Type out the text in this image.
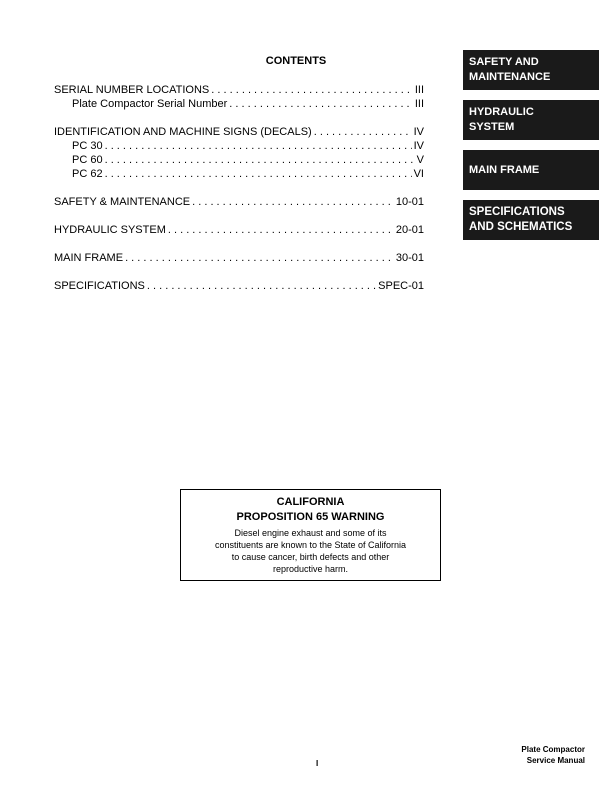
CONTENTS
SERIAL NUMBER LOCATIONS . . .	III
Plate Compactor Serial Number . . .	III
IDENTIFICATION AND MACHINE SIGNS (DECALS) . . .	IV
PC 30 . . .	IV
PC 60 . . .	V
PC 62 . . .	VI
SAFETY & MAINTENANCE . . .	10-01
HYDRAULIC SYSTEM . . .	20-01
MAIN FRAME . . .	30-01
SPECIFICATIONS . . .	SPEC-01
SAFETY AND
MAINTENANCE
HYDRAULIC
SYSTEM
MAIN FRAME
SPECIFICATIONS
AND SCHEMATICS
CALIFORNIA
PROPOSITION 65 WARNING
Diesel engine exhaust and some of its
constituents are known to the State of California
to cause cancer, birth defects and other
reproductive harm.
I
Plate Compactor
Service Manual
